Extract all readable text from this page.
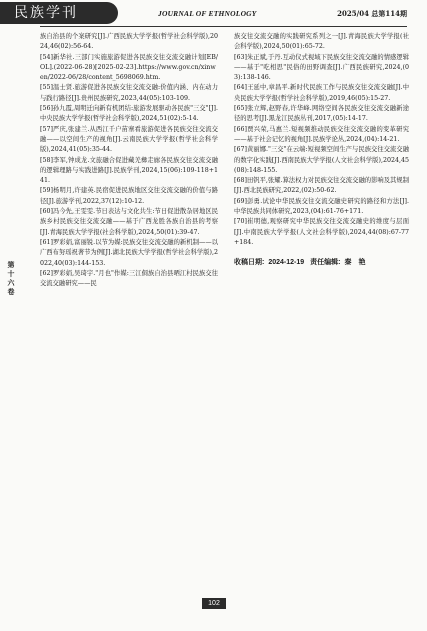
民族学刊	JOURNAL OF ETHNOLOGY	2025/04 总第114期
第
十
六
卷

族自治县的个案研究[J].广西民族大学学报(哲学社会科学版),2024,46(02):56-64.

[54]新华社.三部门实施旅游促进各民族交往交流交融计划[EB/OL].(2022-06-28)[2025-02-23].https://www.gov.cn/xinwen/2022-06/28/content_5698069.htm.

[55]温士贤.旅游促进各民族交往交流交融:价值内涵、内在动力与践行路径[J].贵州民族研究,2023,44(05):103-109.

[56]孙九霞,周明迁向新有机团结:旅游发展驱动各民族"三交"[J].中央民族大学学报(哲学社会科学版),2024,51(02):5-14.

[57]严庆,张建兰.从西江千户苗寨看旅游促进各民族交往交流交融——以空间生产的视角[J].云南民族大学学报(哲学社会科学版),2024,41(05):35-44.

[58]李军,钟成龙.文旅融合促进藏羌彝走廊各民族交往交流交融的逻辑理路与实践进路[J].民族学刊,2024,15(06):109-118+141.

[59]杨明月,许建英.民宿促进民族地区交往交流交融的价值与路径[J].旅游学刊,2022,37(12):10-12.

[60]冯今先,王雯雯.节日表达与文化共生:节日促进散杂居地区民族乡村民族交往交流交融——基于广西龙胜各族自治县的考察[J].青海民族大学学报(社会科学版),2024,50(01):39-47.

[61]罗彩娟,富丽锐.以节为媒:民族交往交流交融的新机制——以广西布努瑶祝著节为例[J].湖北民族大学学报(哲学社会科学版),2022,40(03):144-153.

[62]罗彩娟,吴琦宇."月也"作媒:三江侗族自治县晒江村民族交往交流交融研究——民

族交往交流交融的实践研究系列之一[J].青海民族大学学报(社会科学版),2024,50(01):65-72.

[63]朱正斌,于丹.互动仪式视域下民族交往交流交融的情感逻辑——基于"吃相思"民俗的田野调查[J].广西民族研究,2024,(03):138-146.

[64]王延中,章昌平.新时代民族工作与民族交往交流交融[J].中央民族大学学报(哲学社会科学版),2019,46(05):15-27.

[65]张立辉,赵野春,许华峰.网络空间各民族交往交流交融新途径的思考[J].黑龙江民族丛刊,2017,(05):14-17.

[66]贾兴荣,马惠兰.短视频推动民族交往交流交融的变革研究——基于社会记忆的视角[J].民族学论丛,2024,(04):14-21.

[67]黄丽娜."三交"在云端:短视频空间生产与民族交往交流交融的数字化实践[J].西南民族大学学报(人文社会科学版),2024,45(08):148-155.

[68]田钒平,张耀.算法权力对民族交往交流交融的影响及其规制[J].西北民族研究,2022,(02):50-62.

[69]彭勇.试论中华民族交往交流交融史研究的路径和方法[J].中华民族共同体研究,2023,(04):61-76+171.

[70]崔明德,观察研究中华民族交往交流交融史的维度与层面[J].中南民族大学学报(人文社会科学版),2024,44(08):67-77+184.

收稿日期: 2024-12-19 责任编辑: 秦　艳
102
